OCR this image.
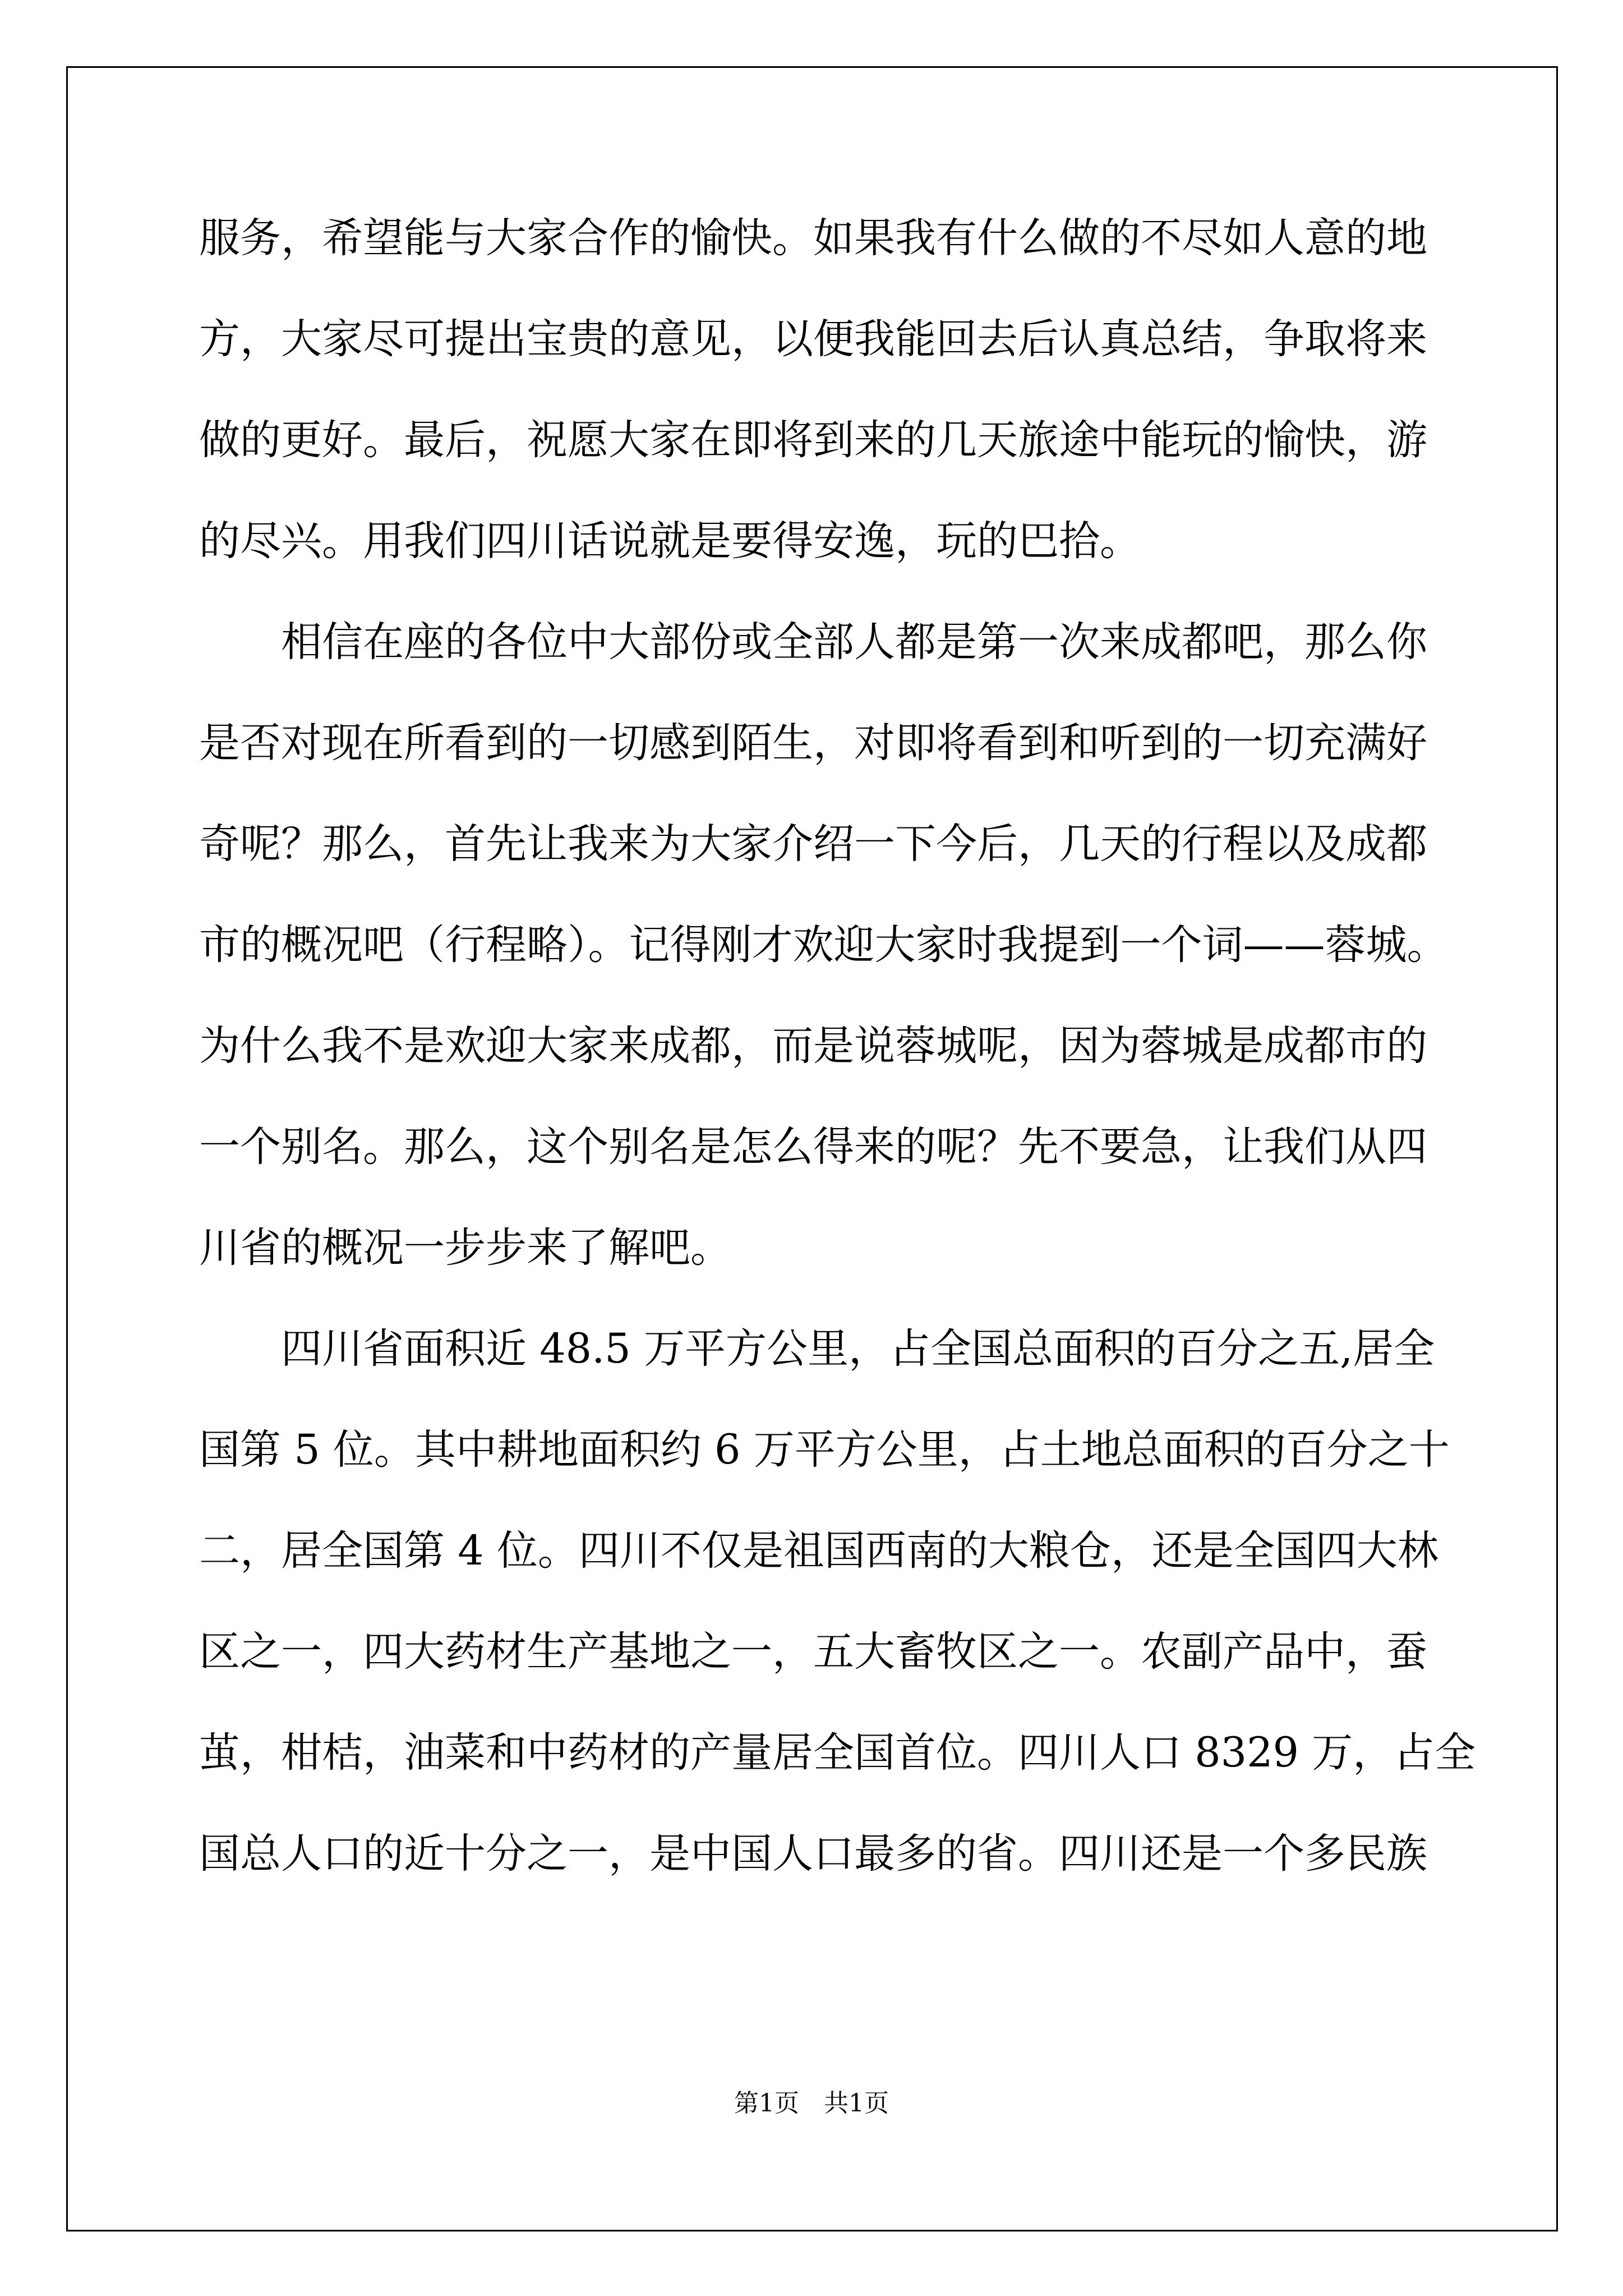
服务，希望能与大家合作的愉快。如果我有什么做的不尽如人意的地
方，大家尽可提出宝贵的意见，以便我能回去后认真总结，争取将来
做的更好。最后，祝愿大家在即将到来的几天旅途中能玩的愉快，游
的尽兴。用我们四川话说就是要得安逸，玩的巴拾。
　　相信在座的各位中大部份或全部人都是第一次来成都吧，那么你
是否对现在所看到的一切感到陌生，对即将看到和听到的一切充满好
奇呢？那么，首先让我来为大家介绍一下今后，几天的行程以及成都
市的概况吧（行程略）。记得刚才欢迎大家时我提到一个词——蓉城。
为什么我不是欢迎大家来成都，而是说蓉城呢，因为蓉城是成都市的
一个别名。那么，这个别名是怎么得来的呢？先不要急，让我们从四
川省的概况一步步来了解吧。
　　四川省面积近 48.5 万平方公里，占全国总面积的百分之五,居全
国第 5 位。其中耕地面积约 6 万平方公里，占土地总面积的百分之十
二，居全国第 4 位。四川不仅是祖国西南的大粮仓，还是全国四大林
区之一，四大药材生产基地之一，五大畜牧区之一。农副产品中，蚕
茧，柑桔，油菜和中药材的产量居全国首位。四川人口 8329 万，占全
国总人口的近十分之一，是中国人口最多的省。四川还是一个多民族
第1页　共1页
